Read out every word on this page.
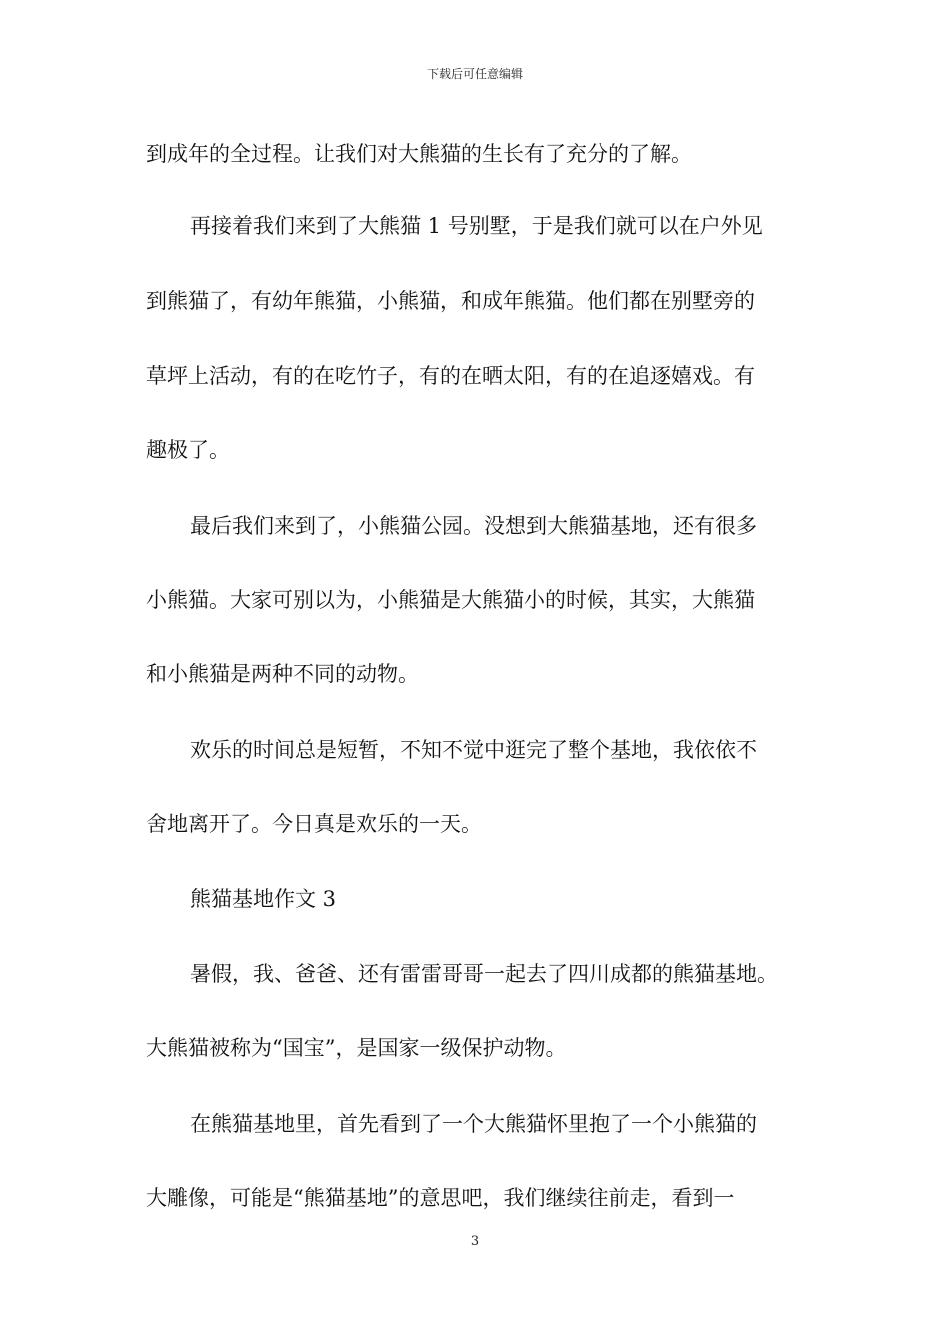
下载后可任意编辑
到成年的全过程。让我们对大熊猫的生长有了充分的了解。
再接着我们来到了大熊猫 1 号别墅，于是我们就可以在户外见
到熊猫了，有幼年熊猫，小熊猫，和成年熊猫。他们都在别墅旁的
草坪上活动，有的在吃竹子，有的在晒太阳，有的在追逐嬉戏。有
趣极了。
最后我们来到了，小熊猫公园。没想到大熊猫基地，还有很多
小熊猫。大家可别以为，小熊猫是大熊猫小的时候，其实，大熊猫
和小熊猫是两种不同的动物。
欢乐的时间总是短暂，不知不觉中逛完了整个基地，我依依不
舍地离开了。今日真是欢乐的一天。
熊猫基地作文 3
暑假，我、爸爸、还有雷雷哥哥一起去了四川成都的熊猫基地。
大熊猫被称为“国宝”，是国家一级保护动物。
在熊猫基地里，首先看到了一个大熊猫怀里抱了一个小熊猫的
大雕像，可能是“熊猫基地”的意思吧，我们继续往前走，看到一
3
